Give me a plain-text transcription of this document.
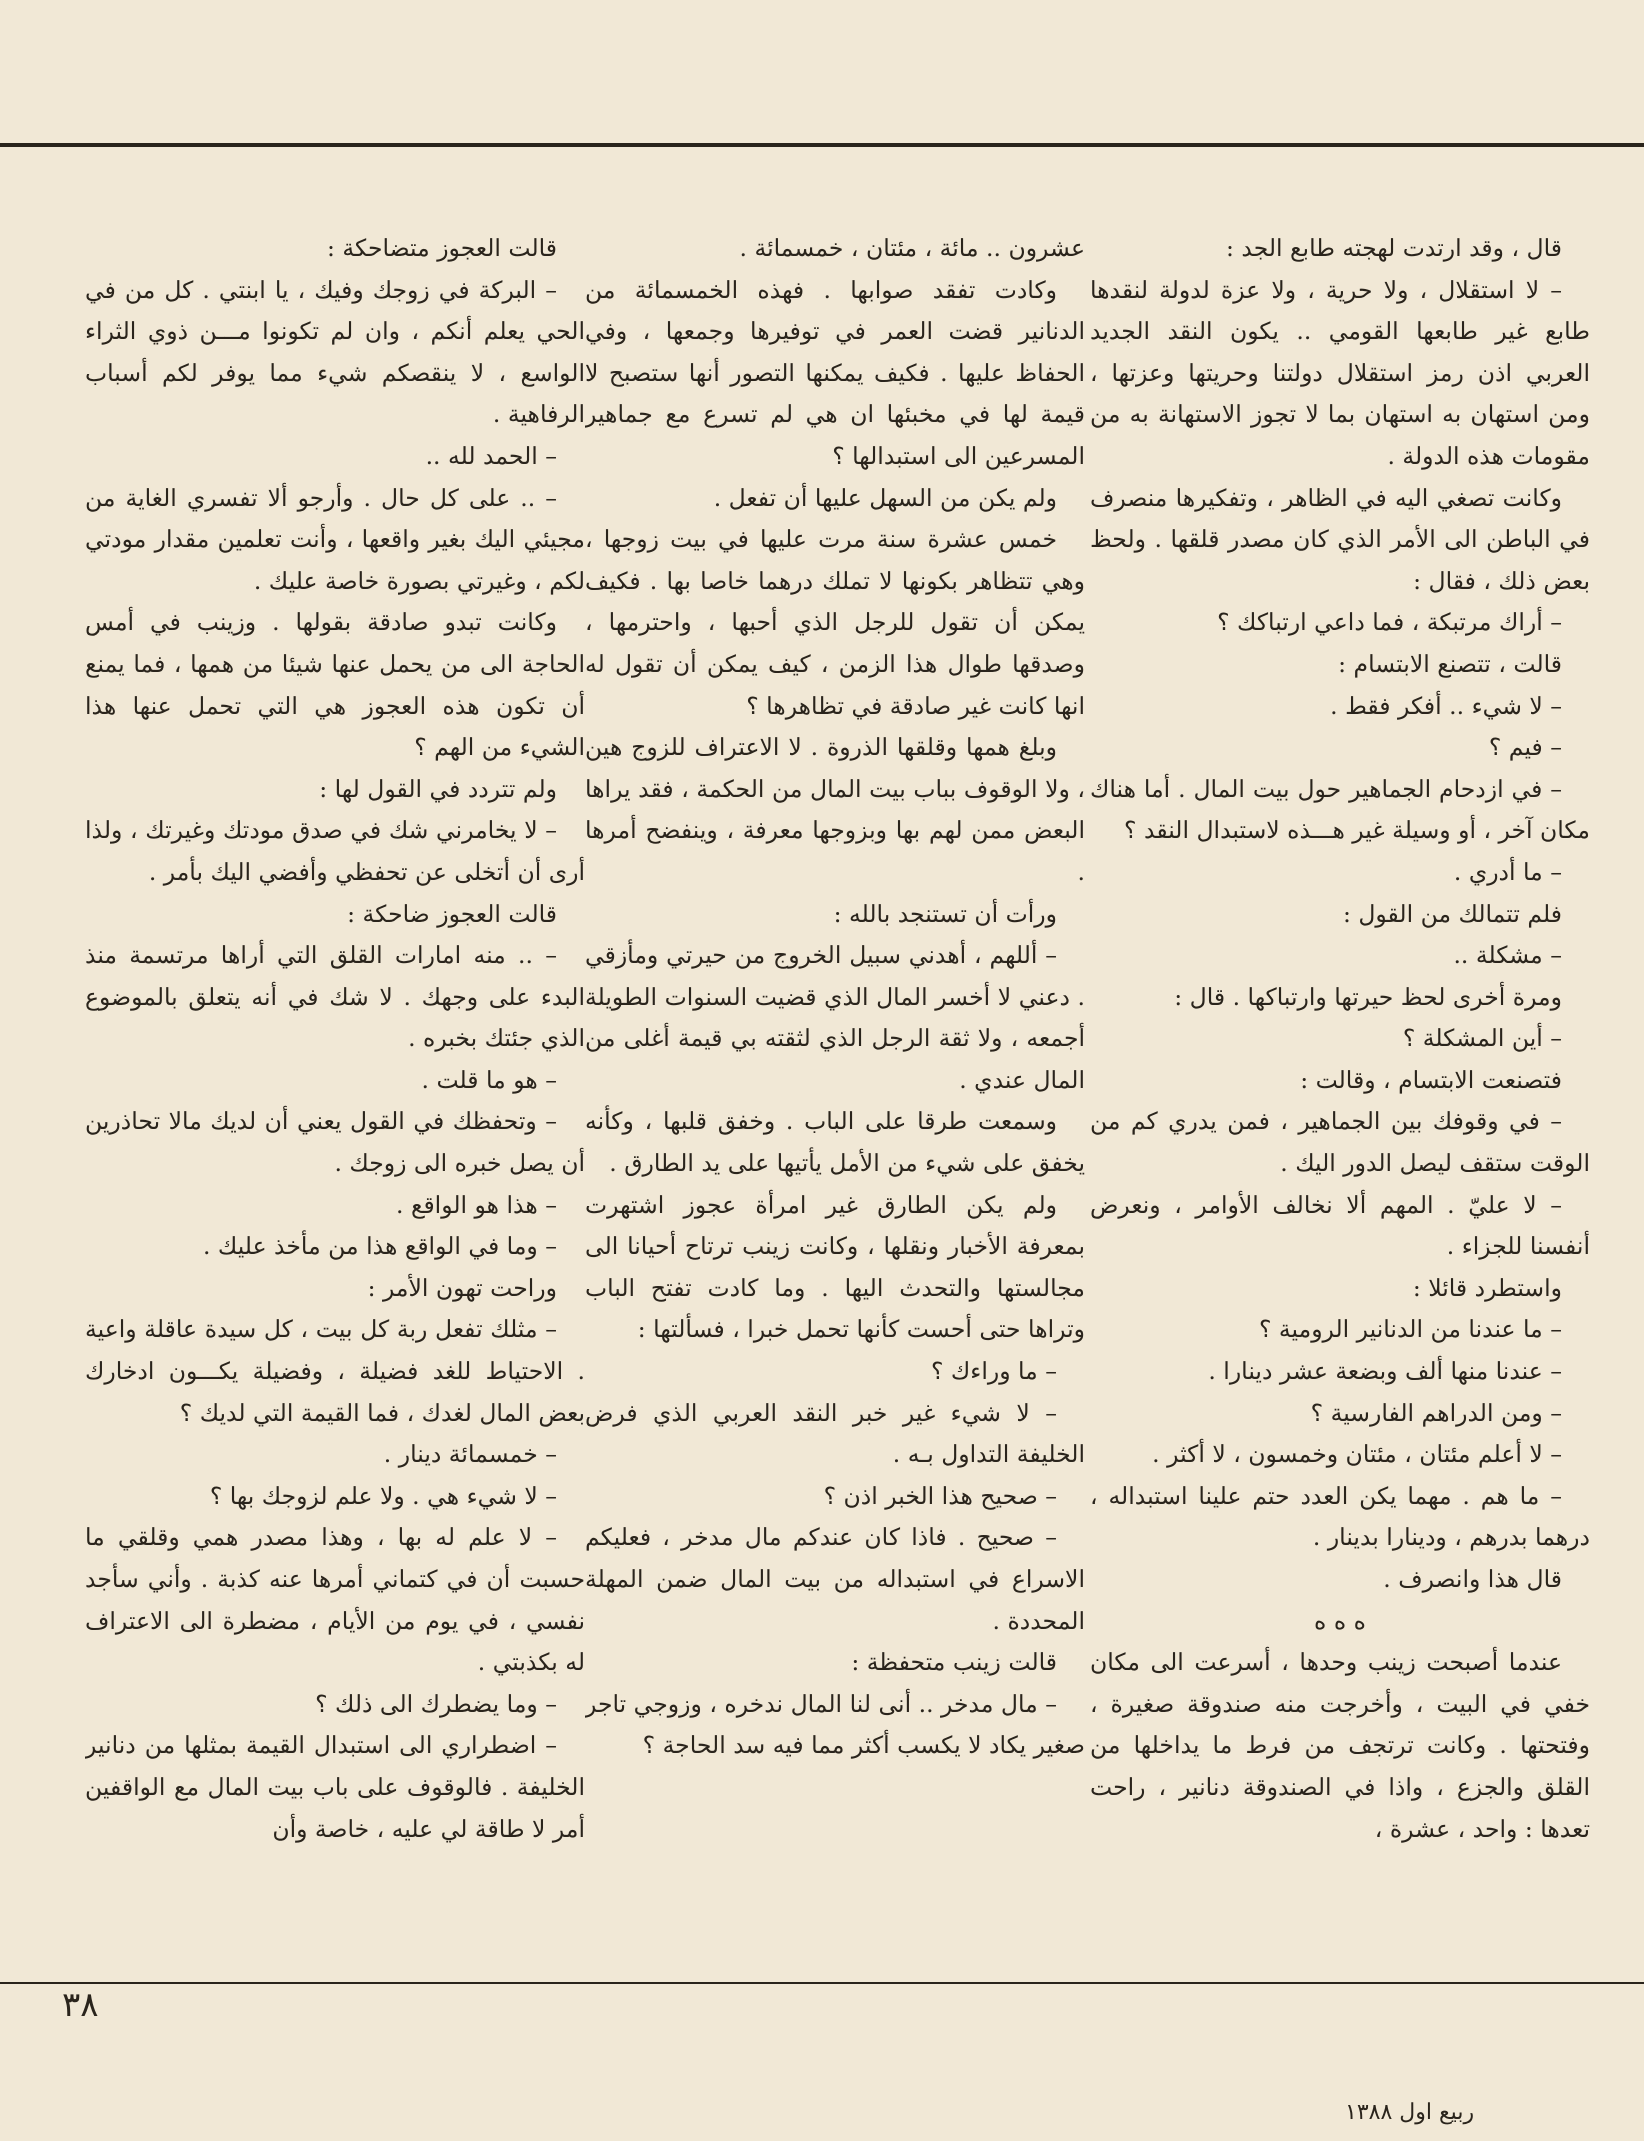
قال ، وقد ارتدت لهجته طابع الجد :

– لا استقلال ، ولا حرية ، ولا عزة لدولة لنقدها طابع غير طابعها القومي .. يكون النقد الجديد العربي اذن رمز استقلال دولتنا وحريتها وعزتها ، ومن استهان به استهان بما لا تجوز الاستهانة به من مقومات هذه الدولة .

وكانت تصغي اليه في الظاهر ، وتفكيرها منصرف في الباطن الى الأمر الذي كان مصدر قلقها . ولحظ بعض ذلك ، فقال :

– أراك مرتبكة ، فما داعي ارتباكك ؟

قالت ، تتصنع الابتسام :

– لا شيء .. أفكر فقط .

– فيم ؟

– في ازدحام الجماهير حول بيت المال . أما هناك مكان آخر ، أو وسيلة غير هـــذه لاستبدال النقد ؟

– ما أدري .

فلم تتمالك من القول :

– مشكلة ..

ومرة أخرى لحظ حيرتها وارتباكها . قال :

– أين المشكلة ؟

فتصنعت الابتسام ، وقالت :

– في وقوفك بين الجماهير ، فمن يدري كم من الوقت ستقف ليصل الدور اليك .

– لا عليّ . المهم ألا نخالف الأوامر ، ونعرض أنفسنا للجزاء .

واستطرد قائلا :

– ما عندنا من الدنانير الرومية ؟

– عندنا منها ألف وبضعة عشر دينارا .

– ومن الدراهم الفارسية ؟

– لا أعلم مئتان ، مئتان وخمسون ، لا أكثر .

– ما هم . مهما يكن العدد حتم علينا استبداله ، درهما بدرهم ، ودينارا بدينار .

قال هذا وانصرف .

ه ه ه

عندما أصبحت زينب وحدها ، أسرعت الى مكان خفي في البيت ، وأخرجت منه صندوقة صغيرة ، وفتحتها . وكانت ترتجف من فرط ما يداخلها من القلق والجزع ، واذا في الصندوقة دنانير ، راحت تعدها : واحد ، عشرة ،

عشرون .. مائة ، مئتان ، خمسمائة .

وكادت تفقد صوابها . فهذه الخمسمائة من الدنانير قضت العمر في توفيرها وجمعها ، وفي الحفاظ عليها . فكيف يمكنها التصور أنها ستصبح لا قيمة لها في مخبئها ان هي لم تسرع مع جماهير المسرعين الى استبدالها ؟

ولم يكن من السهل عليها أن تفعل .

خمس عشرة سنة مرت عليها في بيت زوجها ، وهي تتظاهر بكونها لا تملك درهما خاصا بها . فكيف يمكن أن تقول للرجل الذي أحبها ، واحترمها ، وصدقها طوال هذا الزمن ، كيف يمكن أن تقول له انها كانت غير صادقة في تظاهرها ؟

وبلغ همها وقلقها الذروة . لا الاعتراف للزوج هين ، ولا الوقوف بباب بيت المال من الحكمة ، فقد يراها البعض ممن لهم بها وبزوجها معرفة ، وينفضح أمرها .

ورأت أن تستنجد بالله :

– أللهم ، أهدني سبيل الخروج من حيرتي ومأزقي . دعني لا أخسر المال الذي قضيت السنوات الطويلة أجمعه ، ولا ثقة الرجل الذي لثقته بي قيمة أغلى من المال عندي .

وسمعت طرقا على الباب . وخفق قلبها ، وكأنه يخفق على شيء من الأمل يأتيها على يد الطارق .

ولم يكن الطارق غير امرأة عجوز اشتهرت بمعرفة الأخبار ونقلها ، وكانت زينب ترتاح أحيانا الى مجالستها والتحدث اليها . وما كادت تفتح الباب وتراها حتى أحست كأنها تحمل خبرا ، فسألتها :

– ما وراءك ؟

– لا شيء غير خبر النقد العربي الذي فرض الخليفة التداول بـه .

– صحيح هذا الخبر اذن ؟

– صحيح . فاذا كان عندكم مال مدخر ، فعليكم الاسراع في استبداله من بيت المال ضمن المهلة المحددة .

قالت زينب متحفظة :

– مال مدخر .. أنى لنا المال ندخره ، وزوجي تاجر صغير يكاد لا يكسب أكثر مما فيه سد الحاجة ؟

قالت العجوز متضاحكة :

– البركة في زوجك وفيك ، يا ابنتي . كل من في الحي يعلم أنكم ، وان لم تكونوا مـــن ذوي الثراء الواسع ، لا ينقصكم شيء مما يوفر لكم أسباب الرفاهية .

– الحمد لله ..

– .. على كل حال . وأرجو ألا تفسري الغاية من مجيئي اليك بغير واقعها ، وأنت تعلمين مقدار مودتي لكم ، وغيرتي بصورة خاصة عليك .

وكانت تبدو صادقة بقولها . وزينب في أمس الحاجة الى من يحمل عنها شيئا من همها ، فما يمنع أن تكون هذه العجوز هي التي تحمل عنها هذا الشيء من الهم ؟

ولم تتردد في القول لها :

– لا يخامرني شك في صدق مودتك وغيرتك ، ولذا أرى أن أتخلى عن تحفظي وأفضي اليك بأمر .

قالت العجوز ضاحكة :

– .. منه امارات القلق التي أراها مرتسمة منذ البدء على وجهك . لا شك في أنه يتعلق بالموضوع الذي جئتك بخبره .

– هو ما قلت .

– وتحفظك في القول يعني أن لديك مالا تحاذرين أن يصل خبره الى زوجك .

– هذا هو الواقع .

– وما في الواقع هذا من مأخذ عليك .

وراحت تهون الأمر :

– مثلك تفعل ربة كل بيت ، كل سيدة عاقلة واعية . الاحتياط للغد فضيلة ، وفضيلة يكـــون ادخارك بعض المال لغدك ، فما القيمة التي لديك ؟

– خمسمائة دينار .

– لا شيء هي . ولا علم لزوجك بها ؟

– لا علم له بها ، وهذا مصدر همي وقلقي ما حسبت أن في كتماني أمرها عنه كذبة . وأني سأجد نفسي ، في يوم من الأيام ، مضطرة الى الاعتراف له بكذبتي .

– وما يضطرك الى ذلك ؟

– اضطراري الى استبدال القيمة بمثلها من دنانير الخليفة . فالوقوف على باب بيت المال مع الواقفين أمر لا طاقة لي عليه ، خاصة وأن

٣٨
ربيع اول ١٣٨٨
